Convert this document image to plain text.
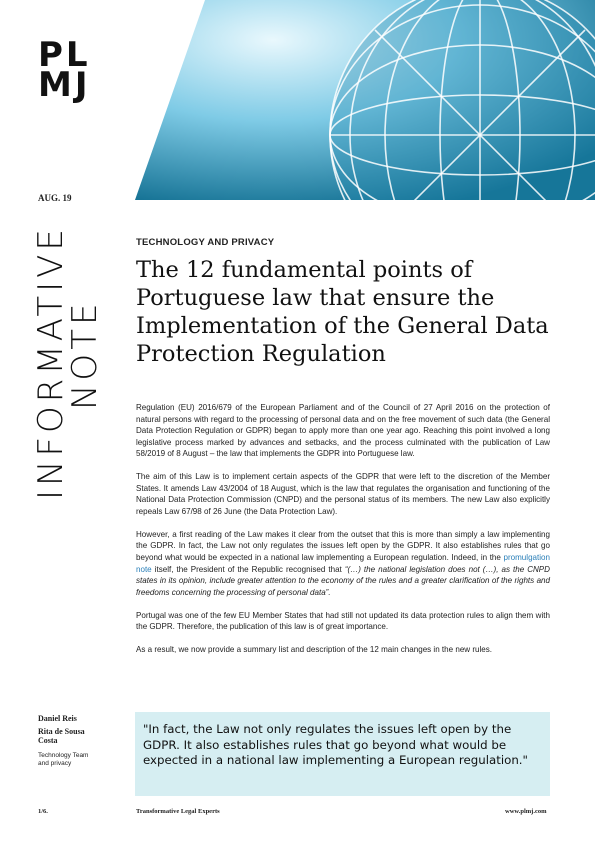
PL
MJ
AUG. 19
INFORMATIVE
NOTE
TECHNOLOGY AND PRIVACY
The 12 fundamental points of Portuguese law that ensure the Implementation of the General Data Protection Regulation

Regulation (EU) 2016/679 of the European Parliament and of the Council of 27 April 2016 on the protection of natural persons with regard to the processing of personal data and on the free movement of such data (the General Data Protection Regulation or GDPR) began to apply more than one year ago. Reaching this point involved a long legislative process marked by advances and setbacks, and the process culminated with the publication of Law 58/2019 of 8 August – the law that implements the GDPR into Portuguese law.

The aim of this Law is to implement certain aspects of the GDPR that were left to the discretion of the Member States. It amends Law 43/2004 of 18 August, which is the law that regulates the organisation and functioning of the National Data Protection Commission (CNPD) and the personal status of its members. The new Law also explicitly repeals Law 67/98 of 26 June (the Data Protection Law).

However, a first reading of the Law makes it clear from the outset that this is more than simply a law implementing the GDPR. In fact, the Law not only regulates the issues left open by the GDPR. It also establishes rules that go beyond what would be expected in a national law implementing a European regulation. Indeed, in the promulgation note itself, the President of the Republic recognised that “(…) the national legislation does not (…), as the CNPD states in its opinion, include greater attention to the economy of the rules and a greater clarification of the rights and freedoms concerning the processing of personal data”.

Portugal was one of the few EU Member States that had still not updated its data protection rules to align them with the GDPR. Therefore, the publication of this law is of great importance.

As a result, we now provide a summary list and description of the 12 main changes in the new rules.

Daniel Reis
Rita de Sousa
Costa
Technology Team
and privacy
"In fact, the Law not only regulates the issues left open by the GDPR. It also establishes rules that go beyond what would be expected in a national law implementing a European regulation."
1/6.	Transformative Legal Experts	www.plmj.com
